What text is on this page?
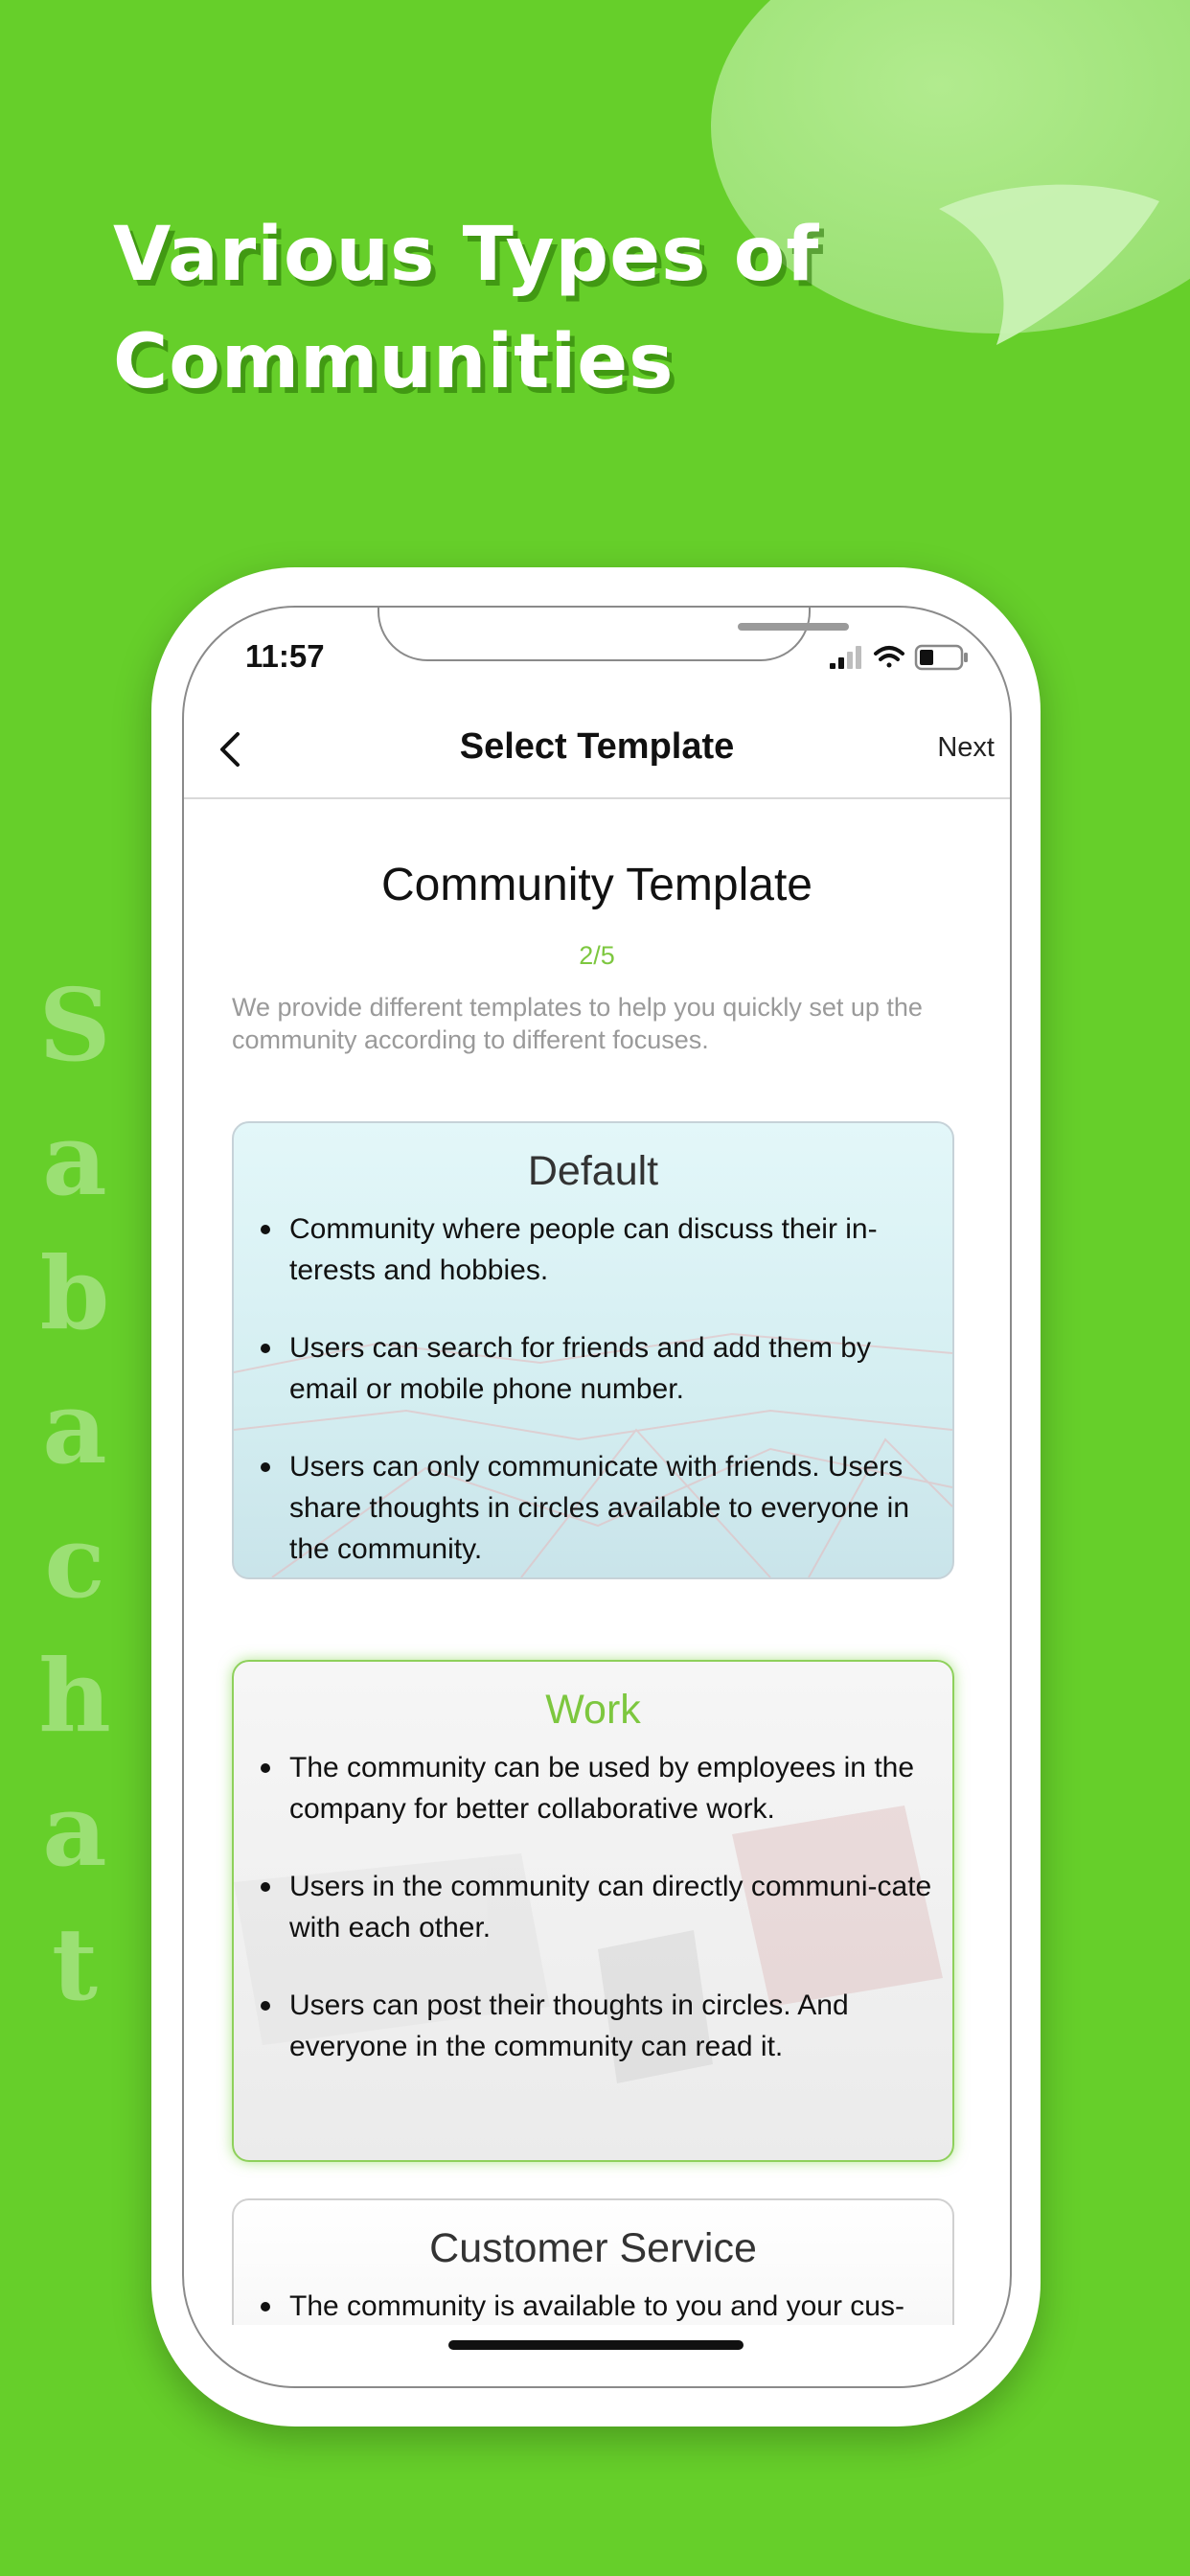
Various Types of
Communities
S
a
b
a
c
h
a
t
11:57
Select Template	Next
Community Template
2/5
We provide different templates to help you quickly set up the community according to different focuses.
Default
Community where people can discuss their in-terests and hobbies.
Users can search for friends and add them by email or mobile phone number.
Users can only communicate with friends. Users share thoughts in circles available to everyone in the community.
Work
The community can be used by employees in the company for better collaborative work.
Users in the community can directly communi-cate with each other.
Users can post their thoughts in circles. And everyone in the community can read it.
Customer Service
The community is available to you and your cus-
